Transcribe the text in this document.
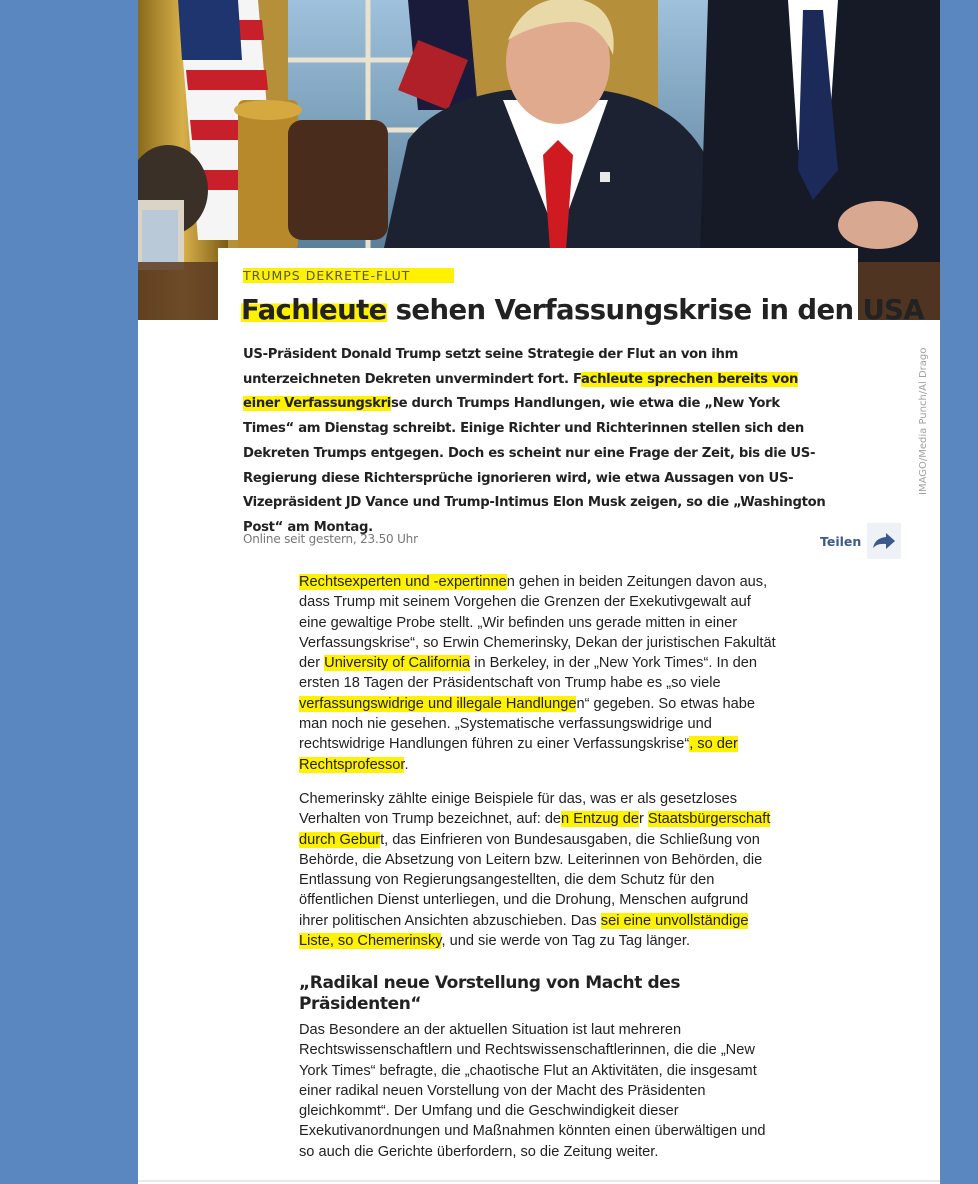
IMAGO/Media Punch/Al Drago
TRUMPS DEKRETE-FLUT
Fachleute sehen Verfassungskrise in den USA

US-Präsident Donald Trump setzt seine Strategie der Flut an von ihm unterzeichneten Dekreten unvermindert fort. Fachleute sprechen bereits von einer Verfassungskrise durch Trumps Handlungen, wie etwa die „New York Times“ am Dienstag schreibt. Einige Richter und Richterinnen stellen sich den Dekreten Trumps entgegen. Doch es scheint nur eine Frage der Zeit, bis die US-Regierung diese Richtersprüche ignorieren wird, wie etwa Aussagen von US-Vizepräsident JD Vance und Trump-Intimus Elon Musk zeigen, so die „Washington Post“ am Montag.

Online seit gestern, 23.50 Uhr	Teilen

Rechtsexperten und -expertinnen gehen in beiden Zeitungen davon aus, dass Trump mit seinem Vorgehen die Grenzen der Exekutivgewalt auf eine gewaltige Probe stellt. „Wir befinden uns gerade mitten in einer Verfassungskrise“, so Erwin Chemerinsky, Dekan der juristischen Fakultät der University of California in Berkeley, in der „New York Times“. In den ersten 18 Tagen der Präsidentschaft von Trump habe es „so viele verfassungswidrige und illegale Handlungen“ gegeben. So etwas habe man noch nie gesehen. „Systematische verfassungswidrige und rechtswidrige Handlungen führen zu einer Verfassungskrise“, so der Rechtsprofessor.

Chemerinsky zählte einige Beispiele für das, was er als gesetzloses Verhalten von Trump bezeichnet, auf: den Entzug der Staatsbürgerschaft durch Geburt, das Einfrieren von Bundesausgaben, die Schließung von Behörde, die Absetzung von Leitern bzw. Leiterinnen von Behörden, die Entlassung von Regierungsangestellten, die dem Schutz für den öffentlichen Dienst unterliegen, und die Drohung, Menschen aufgrund ihrer politischen Ansichten abzuschieben. Das sei eine unvollständige Liste, so Chemerinsky, und sie werde von Tag zu Tag länger.

„Radikal neue Vorstellung von Macht des Präsidenten“

Das Besondere an der aktuellen Situation ist laut mehreren Rechtswissenschaftlern und Rechtswissenschaftlerinnen, die die „New York Times“ befragte, die „chaotische Flut an Aktivitäten, die insgesamt einer radikal neuen Vorstellung von der Macht des Präsidenten gleichkommt“. Der Umfang und die Geschwindigkeit dieser Exekutivanordnungen und Maßnahmen könnten einen überwältigen und so auch die Gerichte überfordern, so die Zeitung weiter.
